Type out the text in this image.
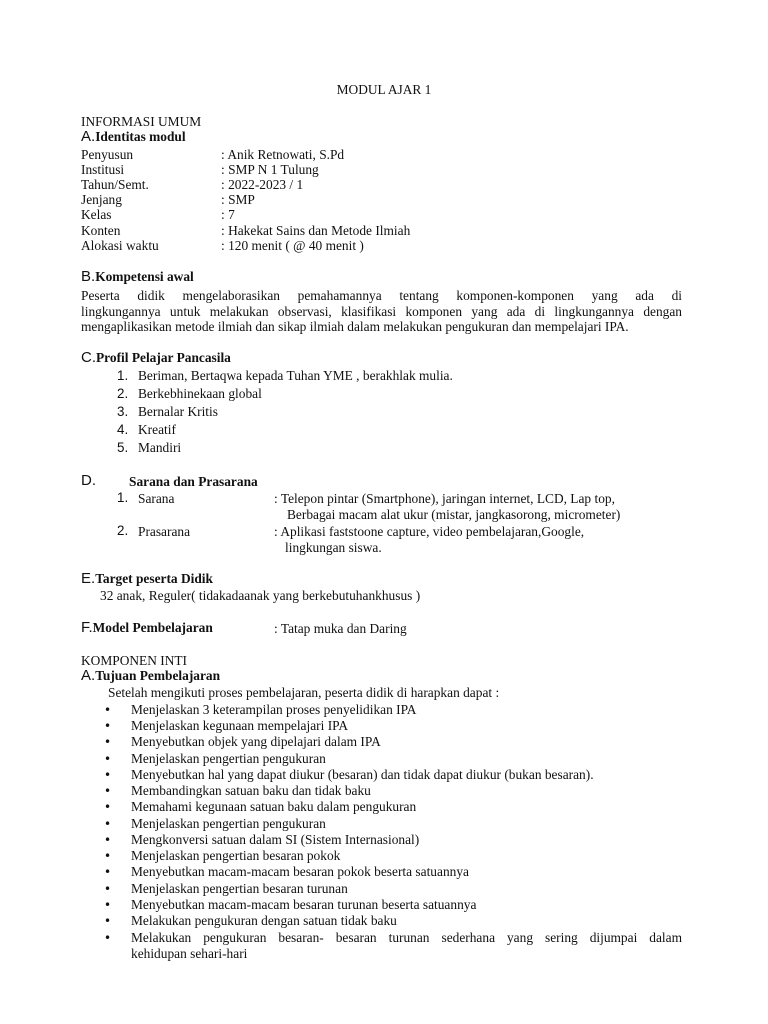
MODUL AJAR 1
INFORMASI UMUM
A.Identitas modul
Penyusun	: Anik Retnowati, S.Pd
Institusi	: SMP N 1 Tulung
Tahun/Semt.	: 2022-2023 / 1
Jenjang	: SMP
Kelas	: 7
Konten	: Hakekat Sains dan Metode Ilmiah
Alokasi waktu	: 120 menit ( @ 40 menit )
B.Kompetensi awal
Peserta didik mengelaborasikan pemahamannya tentang komponen-komponen yang ada di
lingkungannya untuk melakukan observasi, klasifikasi komponen yang ada di lingkungannya dengan
mengaplikasikan metode ilmiah dan sikap ilmiah dalam melakukan pengukuran dan mempelajari IPA.
C.Profil Pelajar Pancasila
1. Beriman, Bertaqwa kepada Tuhan YME , berakhlak mulia.
2. Berkebhinekaan global
3. Bernalar Kritis
4. Kreatif
5. Mandiri
D. Sarana dan Prasarana
1. Sarana	: Telepon pintar (Smartphone), jaringan internet, LCD, Lap top,
Berbagai macam alat ukur (mistar, jangkasorong, micrometer)
2. Prasarana	: Aplikasi faststoone capture, video pembelajaran,Google,
lingkungan siswa.
E.Target peserta Didik
32 anak, Reguler( tidakadaanak yang berkebutuhankhusus )
F.Model Pembelajaran	: Tatap muka dan Daring
KOMPONEN INTI
A.Tujuan Pembelajaran
Setelah mengikuti proses pembelajaran, peserta didik di harapkan dapat :
• Menjelaskan 3 keterampilan proses penyelidikan IPA
• Menjelaskan kegunaan mempelajari IPA
• Menyebutkan objek yang dipelajari dalam IPA
• Menjelaskan pengertian pengukuran
• Menyebutkan hal yang dapat diukur (besaran) dan tidak dapat diukur (bukan besaran).
• Membandingkan satuan baku dan tidak baku
• Memahami kegunaan satuan baku dalam pengukuran
• Menjelaskan pengertian pengukuran
• Mengkonversi satuan dalam SI (Sistem Internasional)
• Menjelaskan pengertian besaran pokok
• Menyebutkan macam-macam besaran pokok beserta satuannya
• Menjelaskan pengertian besaran turunan
• Menyebutkan macam-macam besaran turunan beserta satuannya
• Melakukan pengukuran dengan satuan tidak baku
• Melakukan pengukuran besaran- besaran turunan sederhana yang sering dijumpai dalam
kehidupan sehari-hari
